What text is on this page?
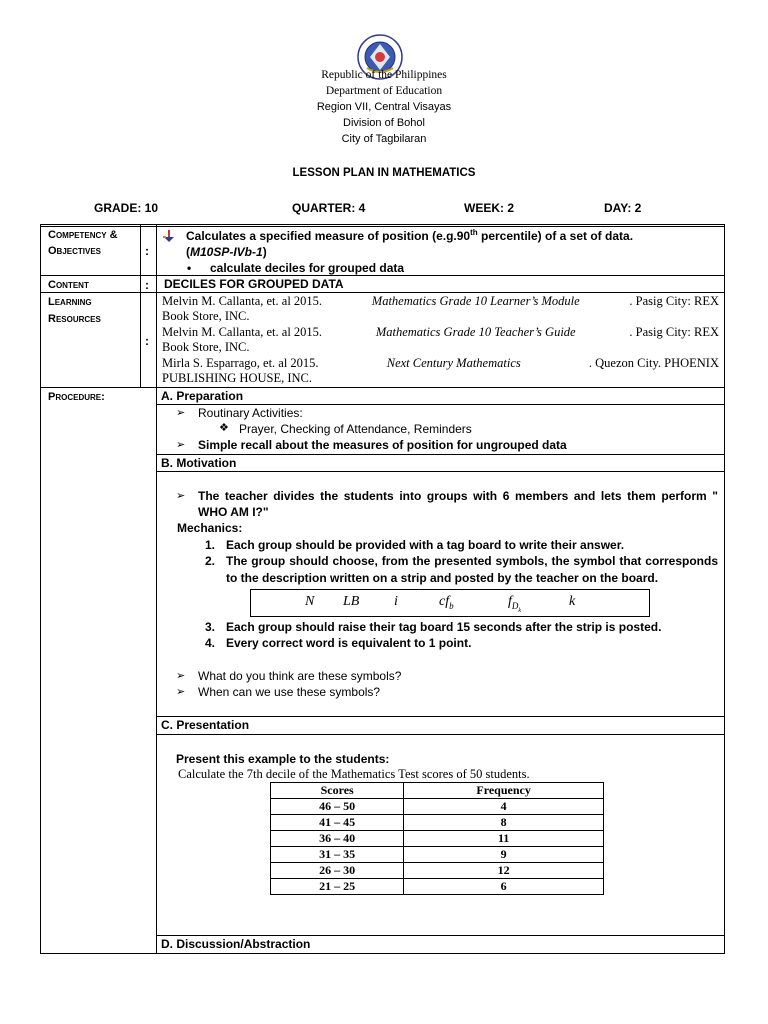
Republic of the Philippines
Department of Education
Region VII, Central Visayas
Division of Bohol
City of Tagbilaran
LESSON PLAN IN MATHEMATICS
GRADE: 10	QUARTER: 4	WEEK: 2	DAY: 2
Competency &
Objectives	:
Calculates a specified measure of position (e.g.90th percentile) of a set of data.
(M10SP-IVb-1)
• calculate deciles for grouped data
Content	: DECILES FOR GROUPED DATA
Learning
Resources
:
Melvin M. Callanta, et. al 2015.	Mathematics Grade 10 Learner’s Module	. Pasig City: REX
Book Store, INC.
Melvin M. Callanta, et. al 2015.	Mathematics Grade 10 Teacher’s Guide	. Pasig City: REX
Book Store, INC.
Mirla S. Esparrago, et. al 2015.	Next Century Mathematics	. Quezon City. PHOENIX
PUBLISHING HOUSE, INC.
Procedure:	A. Preparation
➢ Routinary Activities:
❖ Prayer, Checking of Attendance, Reminders
➢ Simple recall about the measures of position for ungrouped data
B. Motivation
➢ The teacher divides the students into groups with 6 members and lets them perform "
WHO AM I?"
Mechanics:
1. Each group should be provided with a tag board to write their answer.
2. The group should choose, from the presented symbols, the symbol that corresponds
to the description written on a strip and posted by the teacher on the board.
N LB i	$cf_b$	$f_{D_k}$
k
3. Each group should raise their tag board 15 seconds after the strip is posted.
4. Every correct word is equivalent to 1 point.
➢ What do you think are these symbols?
➢ When can we use these symbols?
C. Presentation
Present this example to the students:
Calculate the 7th decile of the Mathematics Test scores of 50 students.
Scores	Frequency
46 – 50	4
41 – 45	8
36 – 40	11
31 – 35	9
26 – 30	12
21 – 25	6
D. Discussion/Abstraction
